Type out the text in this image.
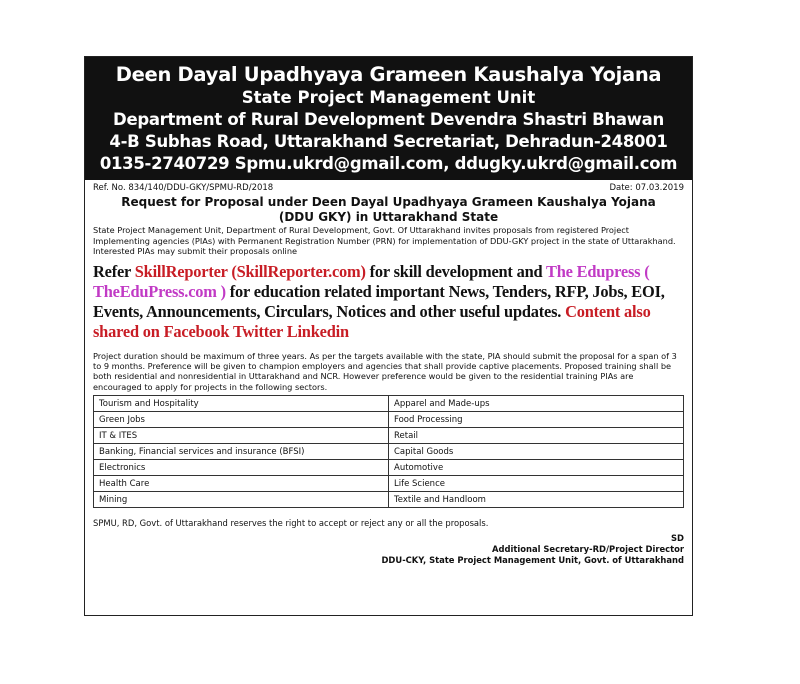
Deen Dayal Upadhyaya Grameen Kaushalya Yojana
State Project Management Unit
Department of Rural Development Devendra Shastri Bhawan
4-B Subhas Road, Uttarakhand Secretariat, Dehradun-248001
0135-2740729 Spmu.ukrd@gmail.com, ddugky.ukrd@gmail.com
Ref. No. 834/140/DDU-GKY/SPMU-RD/2018	Date: 07.03.2019
Request for Proposal under Deen Dayal Upadhyaya Grameen Kaushalya Yojana
(DDU GKY) in Uttarakhand State
State Project Management Unit, Department of Rural Development, Govt. Of Uttarakhand invites proposals from registered Project Implementing agencies (PIAs) with Permanent Registration Number (PRN) for implementation of DDU-GKY project in the state of Uttarakhand. Interested PIAs may submit their proposals online
Refer SkillReporter (SkillReporter.com) for skill development and The Edupress ( TheEduPress.com ) for education related important News, Tenders, RFP, Jobs, EOI, Events, Announcements, Circulars, Notices and other useful updates. Content also shared on Facebook Twitter Linkedin
Project duration should be maximum of three years. As per the targets available with the state, PIA should submit the proposal for a span of 3 to 9 months. Preference will be given to champion employers and agencies that shall provide captive placements. Proposed training shall be both residential and nonresidential in Uttarakhand and NCR. However preference would be given to the residential training PIAs are encouraged to apply for projects in the following sectors.
Tourism and Hospitality	Apparel and Made-ups
Green Jobs	Food Processing
IT & ITES	Retail
Banking, Financial services and insurance (BFSI)	Capital Goods
Electronics	Automotive
Health Care	Life Science
Mining	Textile and Handloom
SPMU, RD, Govt. of Uttarakhand reserves the right to accept or reject any or all the proposals.
SD
Additional Secretary-RD/Project Director
DDU-CKY, State Project Management Unit, Govt. of Uttarakhand
